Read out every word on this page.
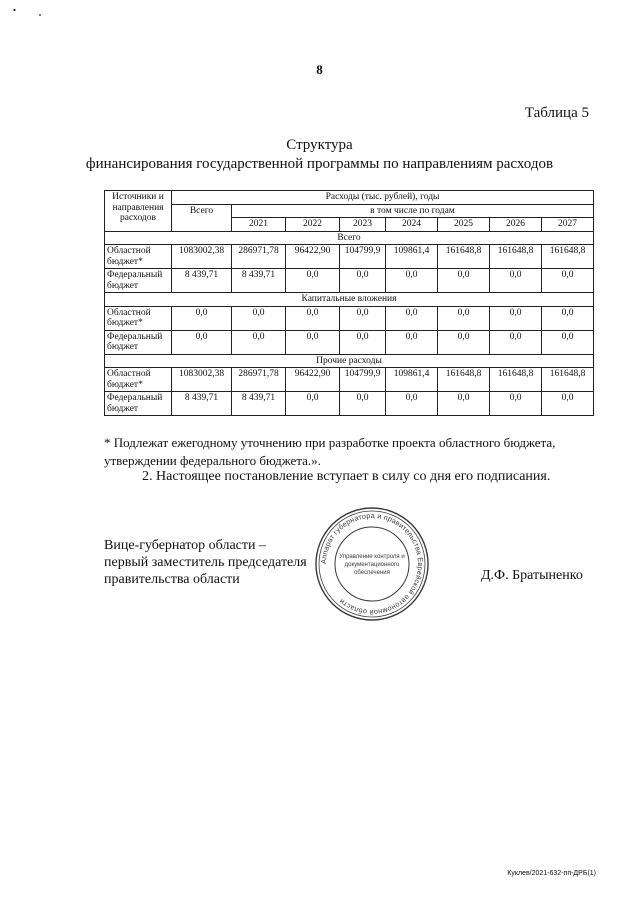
8
Таблица 5
Структура
финансирования государственной программы по направлениям расходов
Источники и направления расходов	Расходы (тыс. рублей), годы							
	Всего	в том числе по годам						
		2021	2022	2023	2024	2025	2026	2027
Всего								
Областной бюджет*	1083002,38	286971,78	96422,90	104799,9	109861,4	161648,8	161648,8	161648,8
Федеральный бюджет	8 439,71	8 439,71	0,0	0,0	0,0	0,0	0,0	0,0
Капитальные вложения								
Областной бюджет*	0,0	0,0	0,0	0,0	0,0	0,0	0,0	0,0
Федеральный бюджет	0,0	0,0	0,0	0,0	0,0	0,0	0,0	0,0
Прочие расходы								
Областной бюджет*	1083002,38	286971,78	96422,90	104799,9	109861,4	161648,8	161648,8	161648,8
Федеральный бюджет	8 439,71	8 439,71	0,0	0,0	0,0	0,0	0,0	0,0
* Подлежат ежегодному уточнению при разработке проекта областного бюджета,
утверждении федерального бюджета.».
2. Настоящее постановление вступает в силу со дня его подписания.
Вице-губернатор области –
первый заместитель председателя
правительства области
Аппарат губернатора и правительства Еврейской автономной области
Управление контроля и
документационного
обеспечения	Д.Ф. Братыненко
Куклев/2021-632-пп-ДРБ(1)
